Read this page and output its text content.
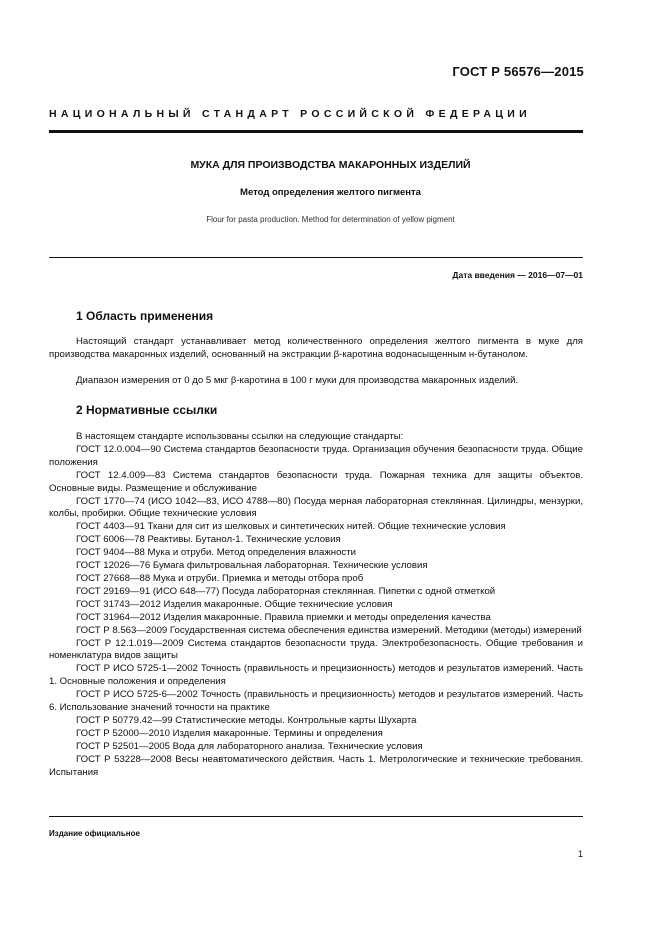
ГОСТ Р 56576—2015
НАЦИОНАЛЬНЫЙ СТАНДАРТ РОССИЙСКОЙ ФЕДЕРАЦИИ
МУКА ДЛЯ ПРОИЗВОДСТВА МАКАРОННЫХ ИЗДЕЛИЙ
Метод определения желтого пигмента
Flour for pasta production. Method for determination of yellow pigment
Дата введения — 2016—07—01
1 Область применения
Настоящий стандарт устанавливает метод количественного определения желтого пигмента в муке для производства макаронных изделий, основанный на экстракции β-каротина водонасыщенным н-бутанолом.
Диапазон измерения от 0 до 5 мкг β-каротина в 100 г муки для производства макаронных изделий.
2 Нормативные ссылки
В настоящем стандарте использованы ссылки на следующие стандарты:
ГОСТ 12.0.004—90 Система стандартов безопасности труда. Организация обучения безопасности труда. Общие положения
ГОСТ 12.4.009—83 Система стандартов безопасности труда. Пожарная техника для защиты объектов. Основные виды. Размещение и обслуживание
ГОСТ 1770—74 (ИСО 1042—83, ИСО 4788—80) Посуда мерная лабораторная стеклянная. Цилиндры, мензурки, колбы, пробирки. Общие технические условия
ГОСТ 4403—91 Ткани для сит из шелковых и синтетических нитей. Общие технические условия
ГОСТ 6006—78 Реактивы. Бутанол-1. Технические условия
ГОСТ 9404—88 Мука и отруби. Метод определения влажности
ГОСТ 12026—76 Бумага фильтровальная лабораторная. Технические условия
ГОСТ 27668—88 Мука и отруби. Приемка и методы отбора проб
ГОСТ 29169—91 (ИСО 648—77) Посуда лабораторная стеклянная. Пипетки с одной отметкой
ГОСТ 31743—2012 Изделия макаронные. Общие технические условия
ГОСТ 31964—2012 Изделия макаронные. Правила приемки и методы определения качества
ГОСТ Р 8.563—2009 Государственная система обеспечения единства измерений. Методики (методы) измерений
ГОСТ Р 12.1.019—2009 Система стандартов безопасности труда. Электробезопасность. Общие требования и номенклатура видов защиты
ГОСТ Р ИСО 5725-1—2002 Точность (правильность и прецизионность) методов и результатов измерений. Часть 1. Основные положения и определения
ГОСТ Р ИСО 5725-6—2002 Точность (правильность и прецизионность) методов и результатов измерений. Часть 6. Использование значений точности на практике
ГОСТ Р 50779.42—99 Статистические методы. Контрольные карты Шухарта
ГОСТ Р 52000—2010 Изделия макаронные. Термины и определения
ГОСТ Р 52501—2005 Вода для лабораторного анализа. Технические условия
ГОСТ Р 53228—2008 Весы неавтоматического действия. Часть 1. Метрологические и технические требования. Испытания
Издание официальное
1
